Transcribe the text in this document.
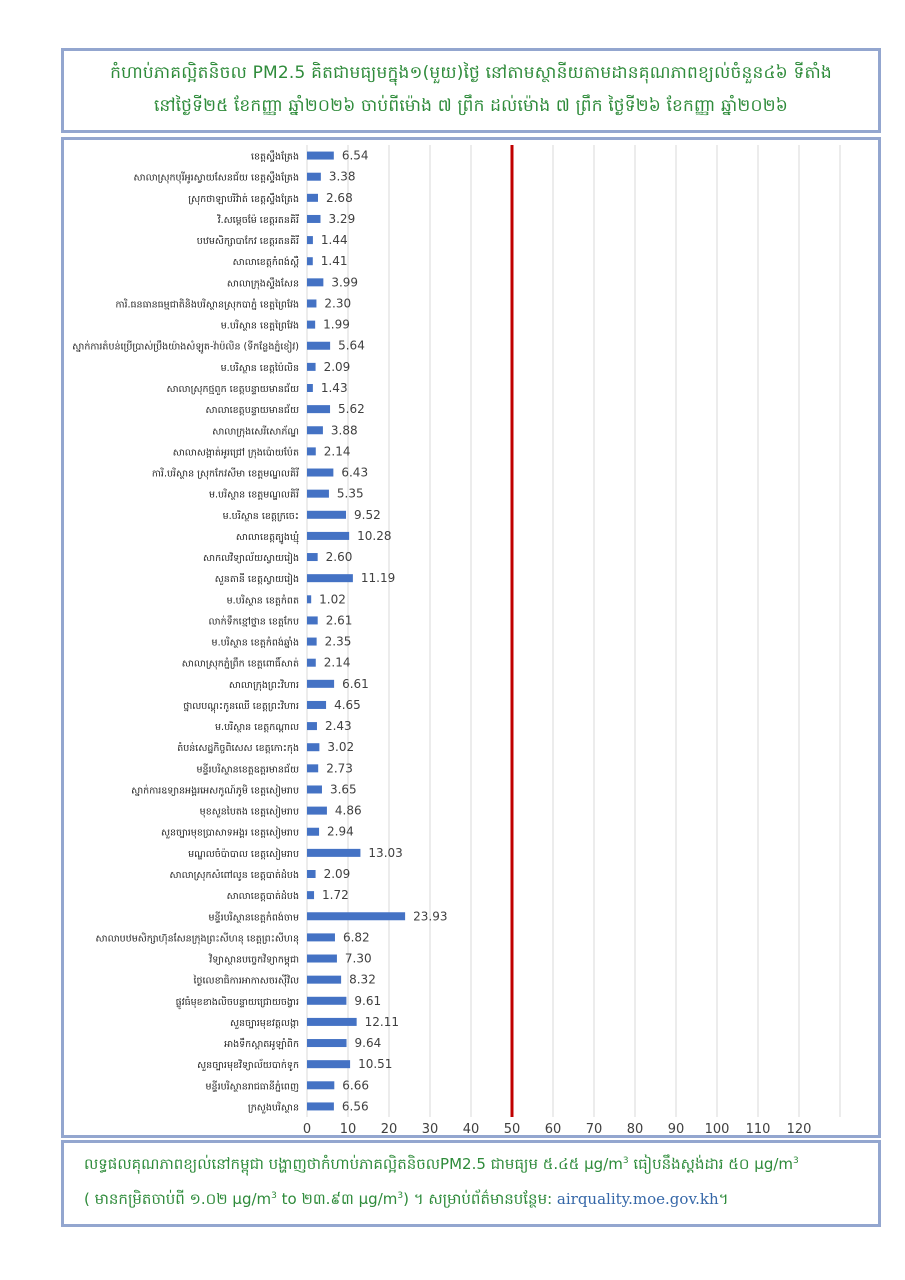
កំហាប់ភាគល្អិតនិចល PM2.5 គិតជាមធ្យមក្នុង១(មួយ)ថ្ងៃ នៅតាមស្ថានីយតាមដានគុណភាពខ្យល់ចំនួន៤៦ ទីតាំង
នៅថ្ងៃទី២៥ ខែកញ្ញា ឆ្នាំ២០២៦ ចាប់ពីម៉ោង ៧ ព្រឹក ដល់ម៉ោង ៧ ព្រឹក ថ្ងៃទី២៦ ខែកញ្ញា ឆ្នាំ២០២៦
ខេត្តស្ទឹងត្រែង	6.54
សាលាស្រុកបុរីអូរស្វាយសែនជ័យ ខេត្តស្ទឹងត្រែង 3.38
ស្រុកថាឡាបរិវ៉ាត់ ខេត្តស្ទឹងត្រែង 2.68
វិ.សម្តេចម៉ែ ខេត្តរតនគិរី 3.29
បឋមសិក្សាបាកែវ ខេត្តរតនគិរី 1.44
សាលាខេត្តកំពង់ស្ពឺ 1.41
សាលាក្រុងស្ទឹងសែន	3.99
ការិ.ធនធានធម្មជាតិនិងបរិស្ថានស្រុកបាភ្នំ ខេត្តព្រៃវែង 2.30
ម.បរិស្ថាន ខេត្តព្រៃវែង 1.99
ស្នាក់ការតំបន់ប្រើប្រាស់ប្រឹងយ៉ាងសំឡូត-វ៉ាប៉លិន (ទីកន្លែងភ្នំខៀវ)	5.64
ម.បរិស្ថាន ខេត្តប៉ៃលិន 2.09
សាលាស្រុកថ្មពួក ខេត្តបន្ទាយមានជ័យ 1.43
សាលាខេត្តបន្ទាយមានជ័យ	5.62
សាលាក្រុងសេរីសោភ័ណ្ឌ	3.88
សាលាសង្កាត់អូរជ្រៅ ក្រុងប៉ោយប៉ែត 2.14
ការិ.បរិស្ថាន ស្រុកកែវសីមា ខេត្តមណ្ឌលគិរី	6.43
ម.បរិស្ថាន ខេត្តមណ្ឌលគិរី	5.35
ម.បរិស្ថាន ខេត្តក្រចេះ	9.52
សាលាខេត្តត្បូងឃ្មុំ	10.28
សាកលវិទ្យាល័យស្វាយរៀង 2.60
សួនតានី ខេត្តស្វាយរៀង	11.19
ម.បរិស្ថាន ខេត្តកំពត 1.02
លាក់ទឹកខ្មៅថ្នាន ខេត្តកែប 2.61
ម.បរិស្ថាន ខេត្តកំពង់ឆ្នាំង 2.35
សាលាស្រុកភ្នំព្រឹក ខេត្តពោធិ៍សាត់ 2.14
សាលាក្រុងព្រះវិហារ	6.61
ថ្នាលបណ្តុះកូនឈើ ខេត្តព្រះវិហារ	4.65
ម.បរិស្ថាន ខេត្តកណ្តាល 2.43
តំបន់សេដ្ឋកិច្ចពិសេស ខេត្តកោះកុង 3.02
មន្ទីរបរិស្ថានខេត្តឧត្តរមានជ័យ 2.73
ស្នាក់ការឧទ្យានអង្គរអេសកូណ៍ភូមិ ខេត្តសៀមរាប	3.65
មុខសួនបៃតង ខេត្តសៀមរាប	4.86
សួនច្បារមុខប្រាសាទអង្គរ ខេត្តសៀមរាប 2.94
មណ្ឌលចំប៉ាបាល ខេត្តសៀមរាប	13.03
សាលាស្រុកសំពៅលូន ខេត្តបាត់ដំបង 2.09
សាលាខេត្តបាត់ដំបង 1.72
មន្ទីរបរិស្ថានខេត្តកំពង់ចាម	23.93
សាលាបឋមសិក្សាហ៊ុនសែនក្រុងព្រះសីហនុ ខេត្តព្រះសីហនុ	6.82
វិទ្យាស្ថានបច្ចេកវិទ្យាកម្ពុជា	7.30
ថ្ងៃលេខាធិការអាកាសចរស៊ីវិល	8.32
ផ្លូវធំមុខខាងលិចបន្ទាយជ្រោយចង្វារ	9.61
សួនច្បារមុខវត្តលង្កា	12.11
អាងទឹកស្តាតអូឡាំពិក	9.64
សួនច្បារមុខវិទ្យាល័យបាក់ទូក	10.51
មន្ទីរបរិស្ថានរាជធានីភ្នំពេញ	6.66
ក្រសួងបរិស្ថាន	6.56
0 10 20 30 40 50 60 70 80 90 100 110 120
លទ្ធផលគុណភាពខ្យល់នៅកម្ពុជា បង្ហាញថាកំហាប់ភាគល្អិតនិចលPM2.5 ជាមធ្យម ៥.៤៥ $\mu g/m^3$ ធៀបនឹងស្តង់ដារ ៥០ $\mu g/m^3$
( មានកម្រិតចាប់ពី ១.០២ $\mu g/m^3$ to ២៣.៩៣ $\mu g/m^3$) ។ សម្រាប់ព័ត៌មានបន្ថែម: airquality.moe.gov.kh។
